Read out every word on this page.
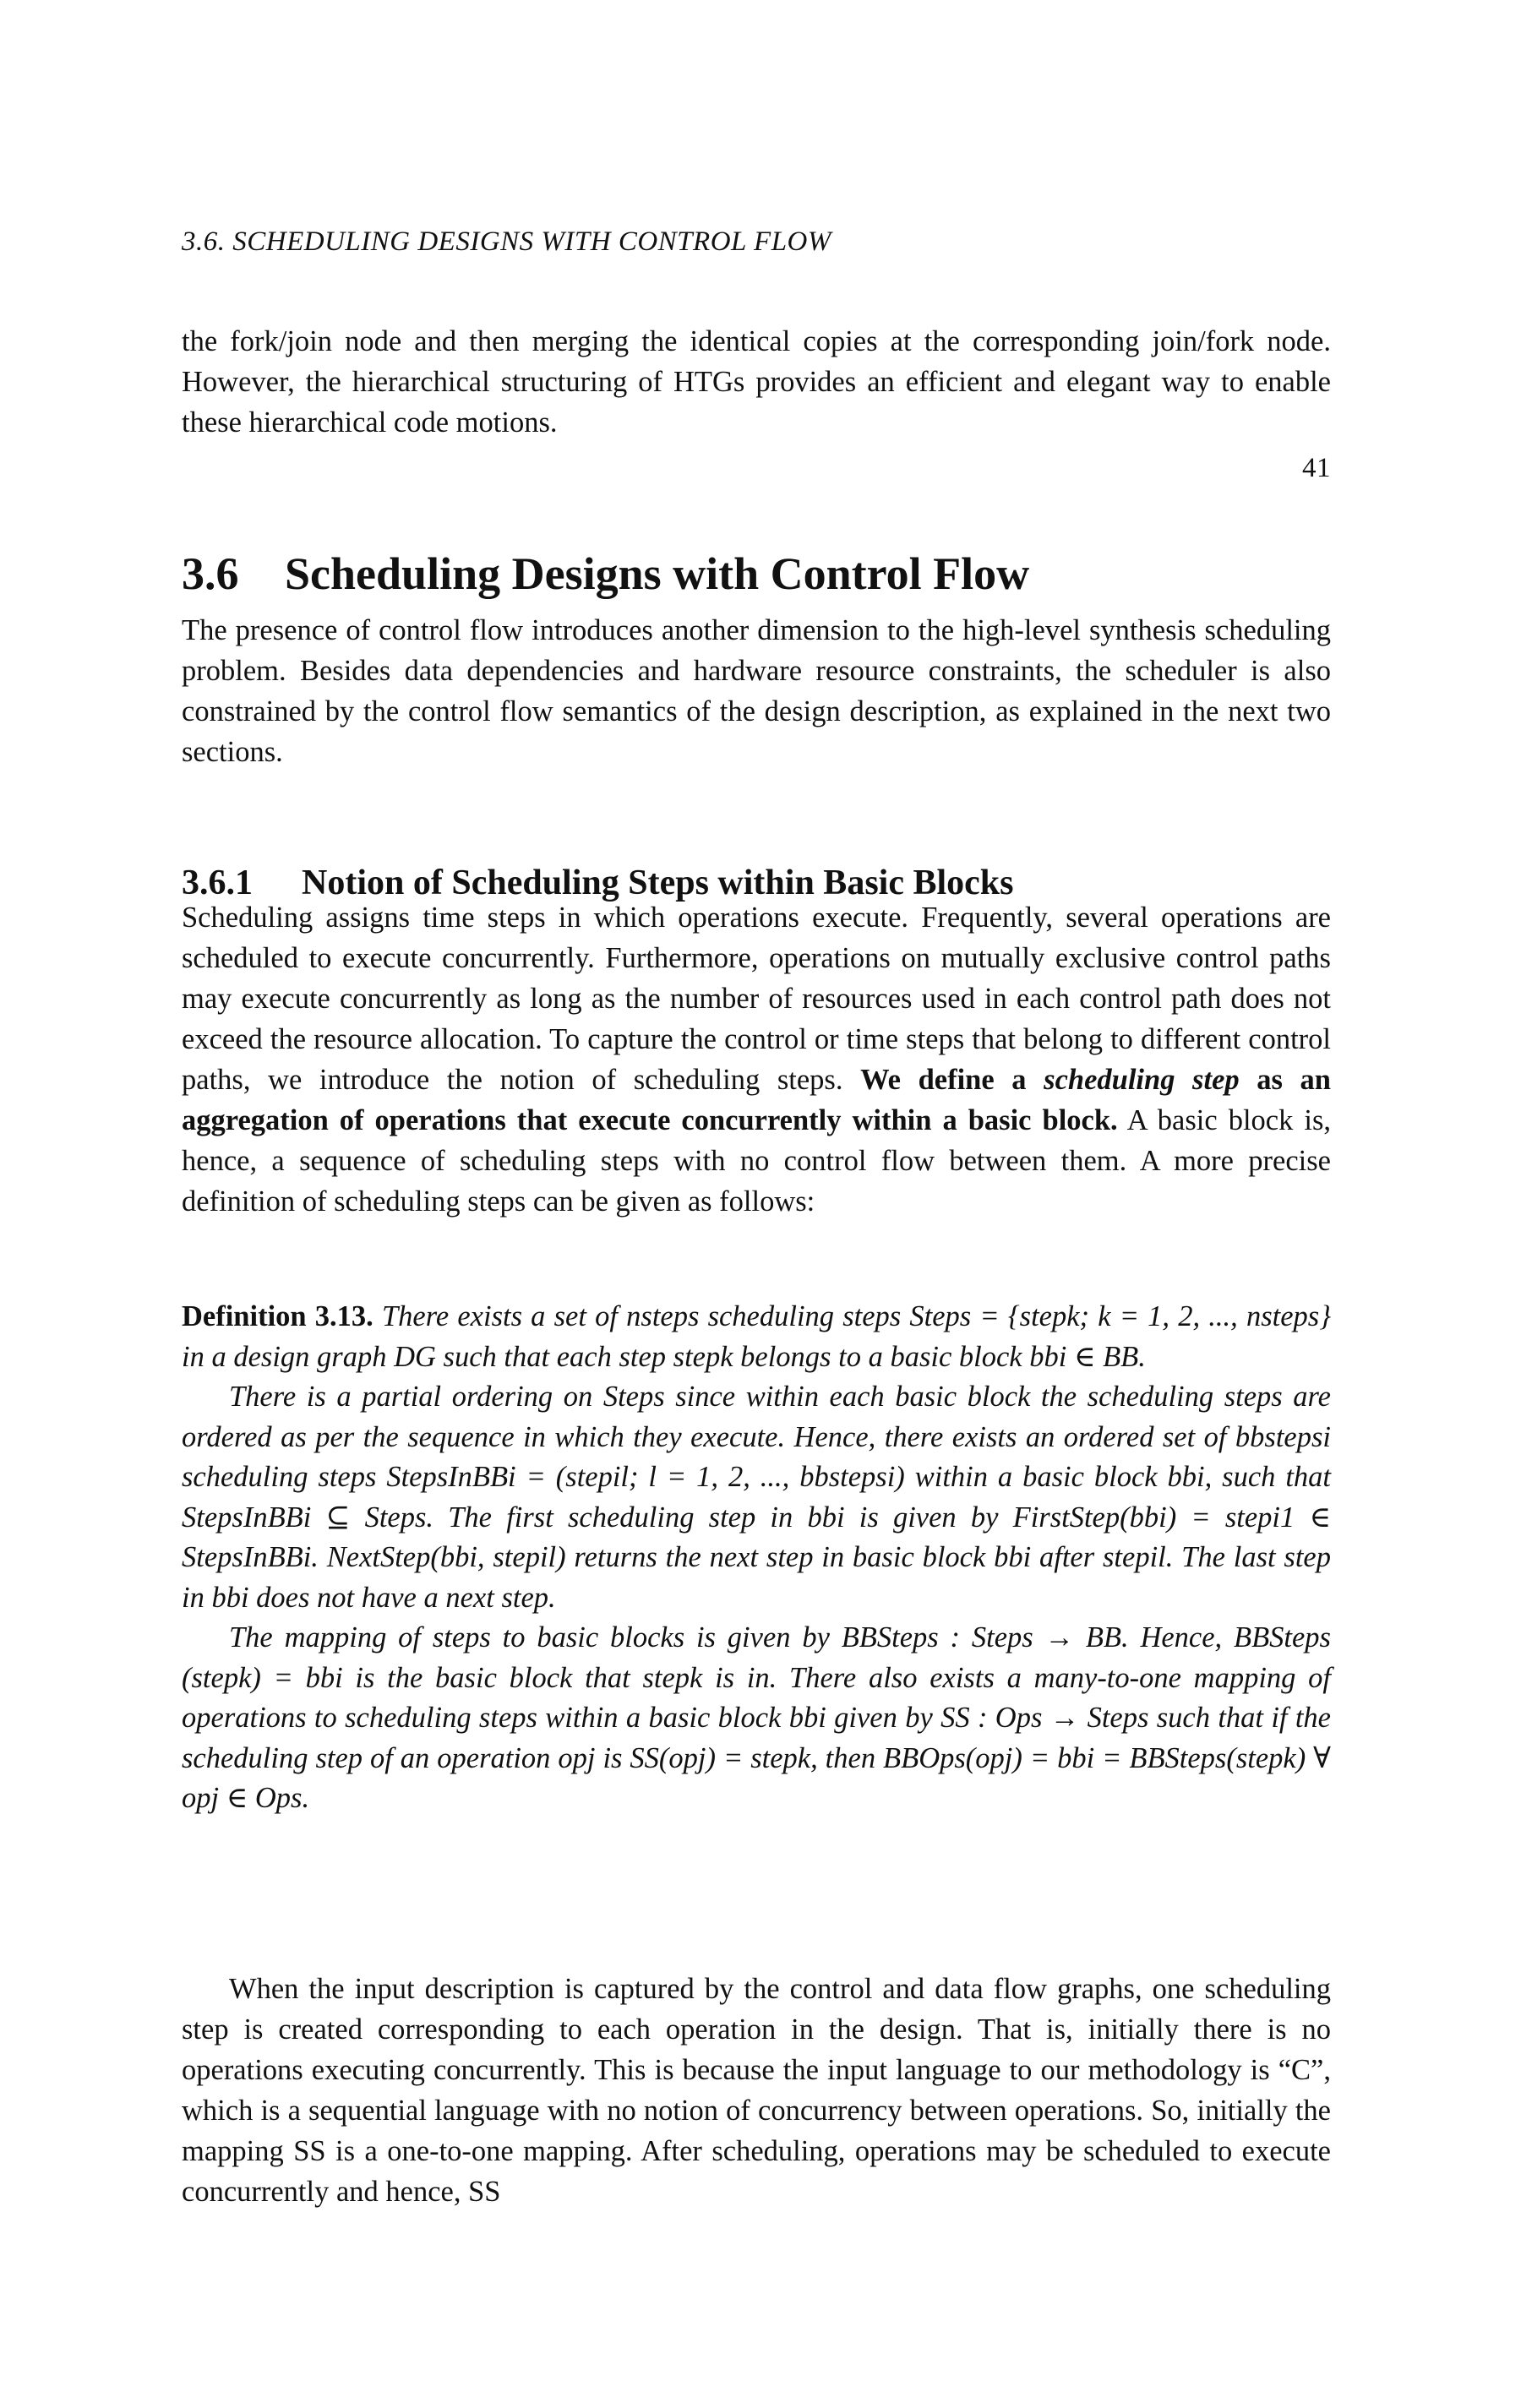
3.6. SCHEDULING DESIGNS WITH CONTROL FLOW
41

the fork/join node and then merging the identical copies at the corresponding join/fork node. However, the hierarchical structuring of HTGs provides an efficient and elegant way to enable these hierarchical code motions.

3.6 Scheduling Designs with Control Flow

The presence of control flow introduces another dimension to the high-level synthesis scheduling problem. Besides data dependencies and hardware resource constraints, the scheduler is also constrained by the control flow semantics of the design description, as explained in the next two sections.

3.6.1 Notion of Scheduling Steps within Basic Blocks

Scheduling assigns time steps in which operations execute. Frequently, several operations are scheduled to execute concurrently. Furthermore, operations on mutually exclusive control paths may execute concurrently as long as the number of resources used in each control path does not exceed the resource allocation. To capture the control or time steps that belong to different control paths, we introduce the notion of scheduling steps. We define a scheduling step as an aggregation of operations that execute concurrently within a basic block. A basic block is, hence, a sequence of scheduling steps with no control flow between them. A more precise definition of scheduling steps can be given as follows:

Definition 3.13. There exists a set of nsteps scheduling steps Steps = {stepk; k = 1, 2, ..., nsteps} in a design graph DG such that each step stepk belongs to a basic block bbi ∈ BB.

There is a partial ordering on Steps since within each basic block the scheduling steps are ordered as per the sequence in which they execute. Hence, there exists an ordered set of bbstepsi scheduling steps StepsInBBi = (stepil; l = 1, 2, ..., bbstepsi) within a basic block bbi, such that StepsInBBi ⊆ Steps. The first scheduling step in bbi is given by FirstStep(bbi) = stepi1 ∈ StepsInBBi. NextStep(bbi, stepil) returns the next step in basic block bbi after stepil. The last step in bbi does not have a next step.

The mapping of steps to basic blocks is given by BBSteps : Steps → BB. Hence, BBSteps (stepk) = bbi is the basic block that stepk is in. There also exists a many-to-one mapping of operations to scheduling steps within a basic block bbi given by SS : Ops → Steps such that if the scheduling step of an operation opj is SS(opj) = stepk, then BBOps(opj) = bbi = BBSteps(stepk) ∀ opj ∈ Ops.

When the input description is captured by the control and data flow graphs, one scheduling step is created corresponding to each operation in the design. That is, initially there is no operations executing concurrently. This is because the input language to our methodology is “C”, which is a sequential language with no notion of concurrency between operations. So, initially the mapping SS is a one-to-one mapping. After scheduling, operations may be scheduled to execute concurrently and hence, SS
